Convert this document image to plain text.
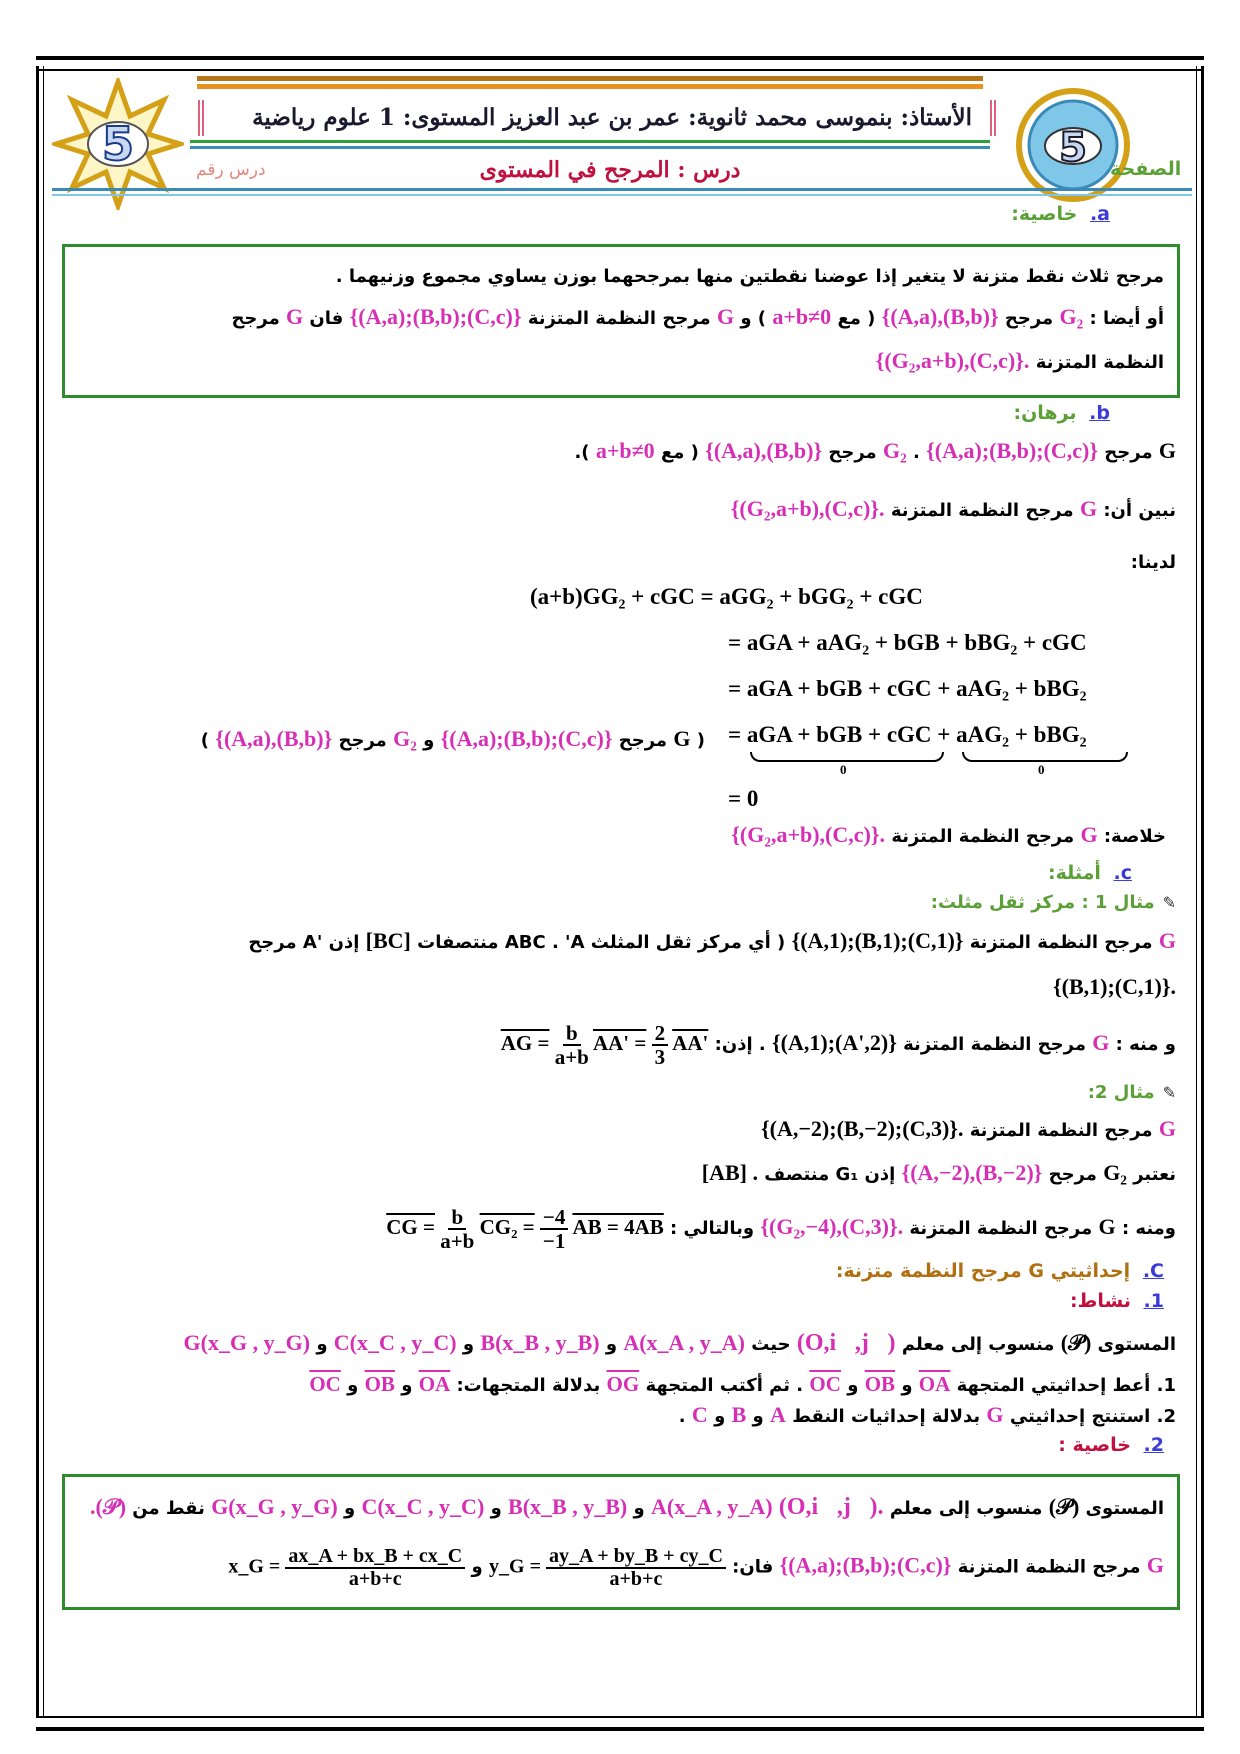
5	5
الأستاذ: بنموسى محمد ثانوية: عمر بن عبد العزيز المستوى: 1 علوم رياضية
الصفحة
درس : المرجح في المستوى
درس رقم
a. خاصية:
مرجح ثلاث نقط متزنة لا يتغير إذا عوضنا نقطتين منها بمرجحهما بوزن يساوي مجموع وزنيهما .
أو أيضا : G₂ مرجح {(A,a),(B,b)} ( مع a+b≠0 ) و G مرجح النظمة المتزنة {(A,a);(B,b);(C,c)} فان G مرجح
النظمة المتزنة {(G₂,a+b),(C,c)}.
b. برهان:
G مرجح {(A,a);(B,b);(C,c)} . G₂ مرجح {(A,a),(B,b)} ( مع a+b≠0 ).
نبين أن: G مرجح النظمة المتزنة {(G₂,a+b),(C,c)}.
لدينا:
(a+b)GG₂ + cGC = aGG₂ + bGG₂ + cGC
= aGA + aAG₂ + bGB + bBG₂ + cGC
= aGA + bGB + cGC + aAG₂ + bBG₂
= aGA + bGB + cGC + aAG₂ + bBG₂
0⃗	0⃗
( G مرجح {(A,a);(B,b);(C,c)} و G₂ مرجح {(A,a),(B,b)} )
= 0⃗
خلاصة: G مرجح النظمة المتزنة {(G₂,a+b),(C,c)}.
c. أمثلة:
✎مثال 1 : مركز ثقل مثلث:
G مرجح النظمة المتزنة {(A,1);(B,1);(C,1)} ( أي مركز ثقل المثلث ABC . 'A منتصفات [BC] إذن 'A مرجح
{(B,1);(C,1)}.
و منه : G مرجح النظمة المتزنة {(A,1);(A',2)} . إذن: AG = $\frac{b}{a+b} AA' = \frac{2}{3} AA'$
✎مثال 2:
G مرجح النظمة المتزنة {(A,−2);(B,−2);(C,3)}.
نعتبر G₂ مرجح {(A,−2),(B,−2)} إذن G₁ منتصف [AB] .
ومنه : G مرجح النظمة المتزنة {(G₂,−4),(C,3)}. وبالتالي : CG = $\frac{b}{a+b} CG_2 = \frac{-4}{-1}$ AB = 4AB
C. إحداثيتي G مرجح النظمة متزنة:
1. نشاط:
المستوى (𝒫) منسوب إلى معلم (O,i⃗,j⃗) حيث A(x_A , y_A) و B(x_B , y_B) و C(x_C , y_C) و G(x_G , y_G)
1. أعط إحداثيتي المتجهة OA و OB و OC . ثم أكتب المتجهة OG بدلالة المتجهات: OA و OB و OC
2. استنتج إحداثيتي G بدلالة إحداثيات النقط A و B و C .
2. خاصية :
المستوى (𝒫) منسوب إلى معلم (O,i⃗,j⃗). A(x_A , y_A) و B(x_B , y_B) و C(x_C , y_C) و G(x_G , y_G) نقط من (𝒫).
G مرجح النظمة المتزنة {(A,a);(B,b);(C,c)} فان: y_G = $\frac{ay\_A + by\_B + cy\_C}{a+b+c}$
و x_G = $\frac{ax\_A + bx\_B + cx\_C}{a+b+c}$
